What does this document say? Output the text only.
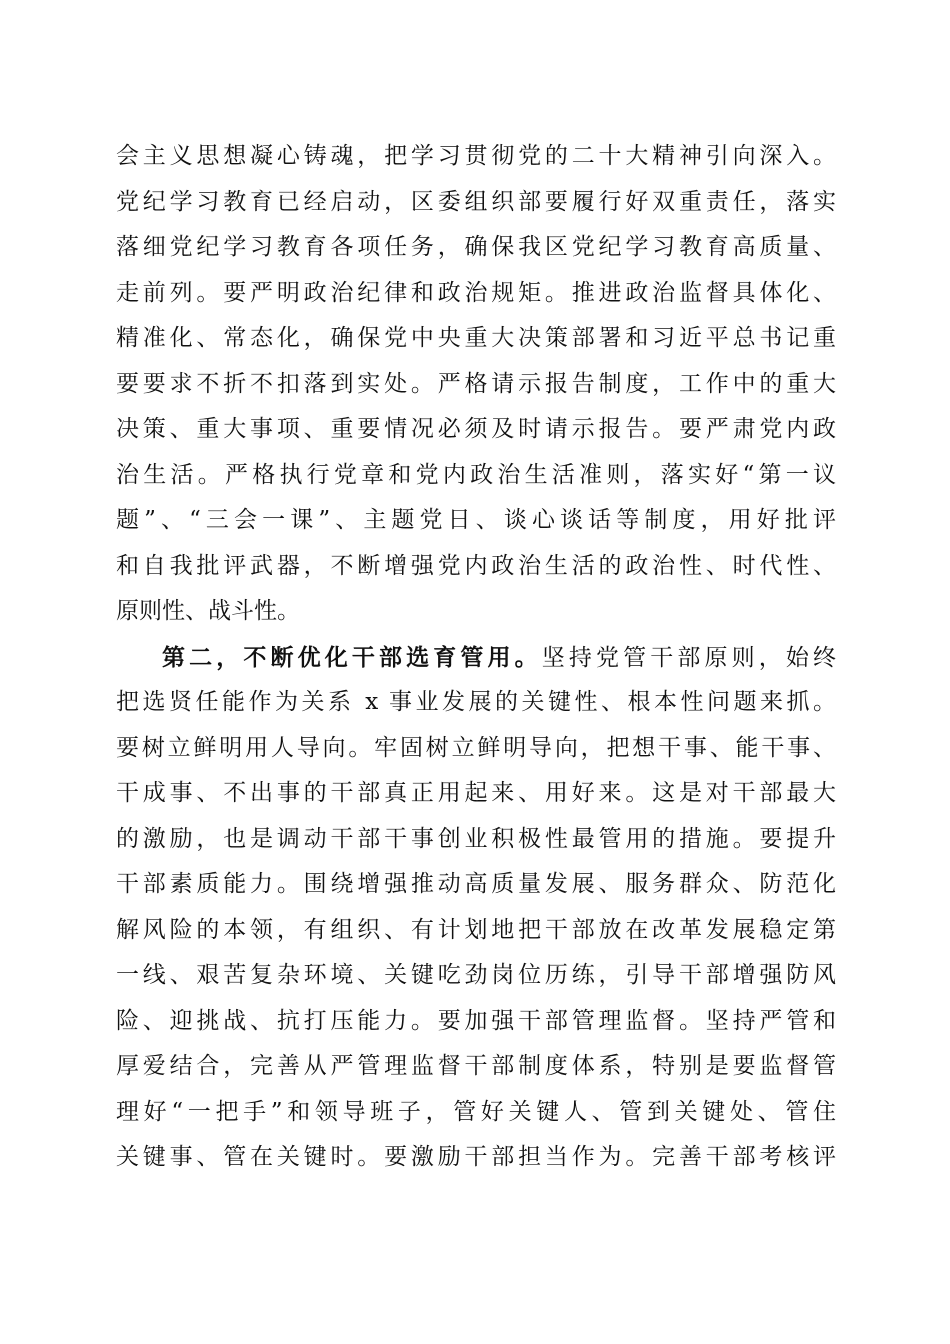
会主义思想凝心铸魂，把学习贯彻党的二十大精神引向深入。
党纪学习教育已经启动，区委组织部要履行好双重责任，落实
落细党纪学习教育各项任务，确保我区党纪学习教育高质量、
走前列。要严明政治纪律和政治规矩。推进政治监督具体化、
精准化、常态化，确保党中央重大决策部署和习近平总书记重
要要求不折不扣落到实处。严格请示报告制度，工作中的重大
决策、重大事项、重要情况必须及时请示报告。要严肃党内政
治生活。严格执行党章和党内政治生活准则，落实好“第一议
题”、“三会一课”、主题党日、谈心谈话等制度，用好批评
和自我批评武器，不断增强党内政治生活的政治性、时代性、
原则性、战斗性。
第二，不断优化干部选育管用。坚持党管干部原则，始终
把选贤任能作为关系 x 事业发展的关键性、根本性问题来抓。
要树立鲜明用人导向。牢固树立鲜明导向，把想干事、能干事、
干成事、不出事的干部真正用起来、用好来。这是对干部最大
的激励，也是调动干部干事创业积极性最管用的措施。要提升
干部素质能力。围绕增强推动高质量发展、服务群众、防范化
解风险的本领，有组织、有计划地把干部放在改革发展稳定第
一线、艰苦复杂环境、关键吃劲岗位历练，引导干部增强防风
险、迎挑战、抗打压能力。要加强干部管理监督。坚持严管和
厚爱结合，完善从严管理监督干部制度体系，特别是要监督管
理好“一把手”和领导班子，管好关键人、管到关键处、管住
关键事、管在关键时。要激励干部担当作为。完善干部考核评
